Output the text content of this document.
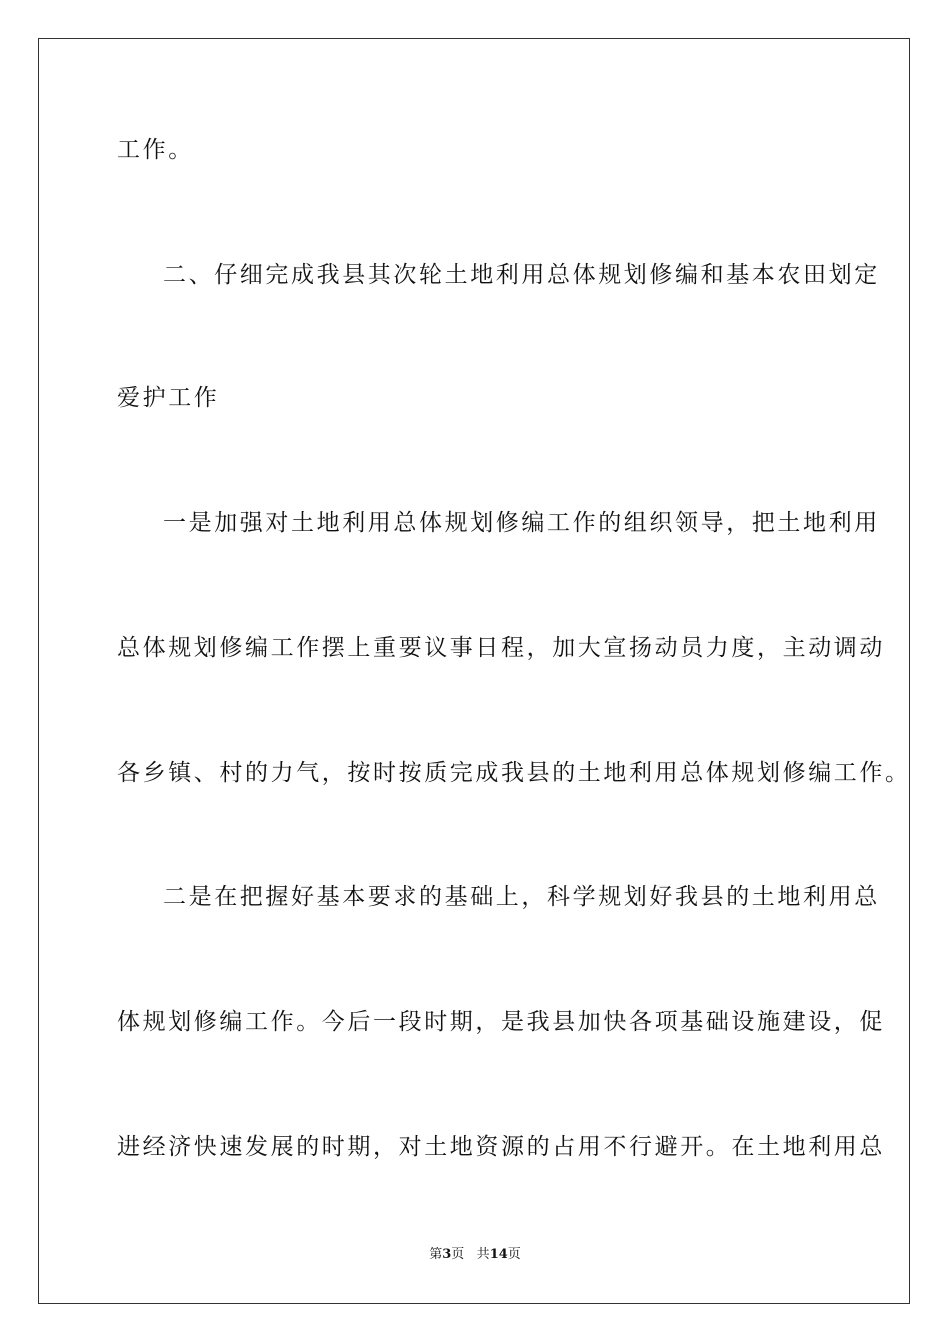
工作。
二、仔细完成我县其次轮土地利用总体规划修编和基本农田划定
爱护工作
一是加强对土地利用总体规划修编工作的组织领导，把土地利用
总体规划修编工作摆上重要议事日程，加大宣扬动员力度，主动调动
各乡镇、村的力气，按时按质完成我县的土地利用总体规划修编工作。
二是在把握好基本要求的基础上，科学规划好我县的土地利用总
体规划修编工作。今后一段时期，是我县加快各项基础设施建设，促
进经济快速发展的时期，对土地资源的占用不行避开。在土地利用总
第3页 共14页
